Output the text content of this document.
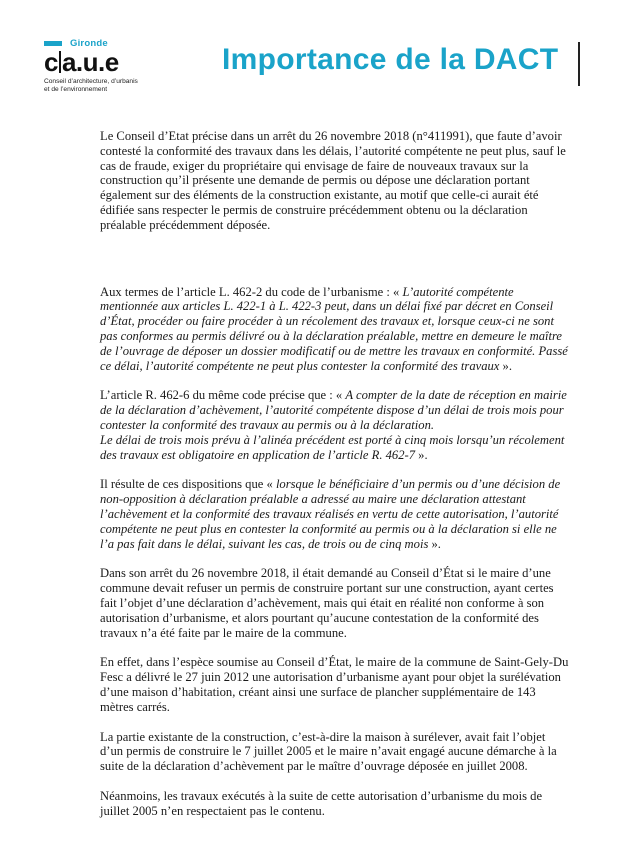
Gironde
c a.u.e
Conseil d’architecture, d’urbanis
et de l’environnement
Importance de la DACT

Le Conseil d’Etat précise dans un arrêt du 26 novembre 2018 (n°411991), que faute d’avoir contesté la conformité des travaux dans les délais, l’autorité compétente ne peut plus, sauf le cas de fraude, exiger du propriétaire qui envisage de faire de nouveaux travaux sur la construction qu’il présente une demande de permis ou dépose une déclaration portant également sur des éléments de la construction existante, au motif que celle-ci aurait été édifiée sans respecter le permis de construire précédemment obtenu ou la déclaration préalable précédemment déposée.

Aux termes de l’article L. 462-2 du code de l’urbanisme : « L’autorité compétente mentionnée aux articles L. 422-1 à L. 422-3 peut, dans un délai fixé par décret en Conseil d’État, procéder ou faire procéder à un récolement des travaux et, lorsque ceux-ci ne sont pas conformes au permis délivré ou à la déclaration préalable, mettre en demeure le maître de l’ouvrage de déposer un dossier modificatif ou de mettre les travaux en conformité. Passé ce délai, l’autorité compétente ne peut plus contester la conformité des travaux ».

L’article R. 462-6 du même code précise que : « A compter de la date de réception en mairie de la déclaration d’achèvement, l’autorité compétente dispose d’un délai de trois mois pour contester la conformité des travaux au permis ou à la déclaration.
Le délai de trois mois prévu à l’alinéa précédent est porté à cinq mois lorsqu’un récolement des travaux est obligatoire en application de l’article R. 462-7 ».

Il résulte de ces dispositions que « lorsque le bénéficiaire d’un permis ou d’une décision de non-opposition à déclaration préalable a adressé au maire une déclaration attestant l’achèvement et la conformité des travaux réalisés en vertu de cette autorisation, l’autorité compétente ne peut plus en contester la conformité au permis ou à la déclaration si elle ne l’a pas fait dans le délai, suivant les cas, de trois ou de cinq mois ».

Dans son arrêt du 26 novembre 2018, il était demandé au Conseil d’État si le maire d’une commune devait refuser un permis de construire portant sur une construction, ayant certes fait l’objet d’une déclaration d’achèvement, mais qui était en réalité non conforme à son autorisation d’urbanisme, et alors pourtant qu’aucune contestation de la conformité des travaux n’a été faite par le maire de la commune.

En effet, dans l’espèce soumise au Conseil d’État, le maire de la commune de Saint-Gely-Du Fesc a délivré le 27 juin 2012 une autorisation d’urbanisme ayant pour objet la surélévation d’une maison d’habitation, créant ainsi une surface de plancher supplémentaire de 143 mètres carrés.

La partie existante de la construction, c’est-à-dire la maison à surélever, avait fait l’objet d’un permis de construire le 7 juillet 2005 et le maire n’avait engagé aucune démarche à la suite de la déclaration d’achèvement par le maître d’ouvrage déposée en juillet 2008.

Néanmoins, les travaux exécutés à la suite de cette autorisation d’urbanisme du mois de juillet 2005 n’en respectaient pas le contenu.
